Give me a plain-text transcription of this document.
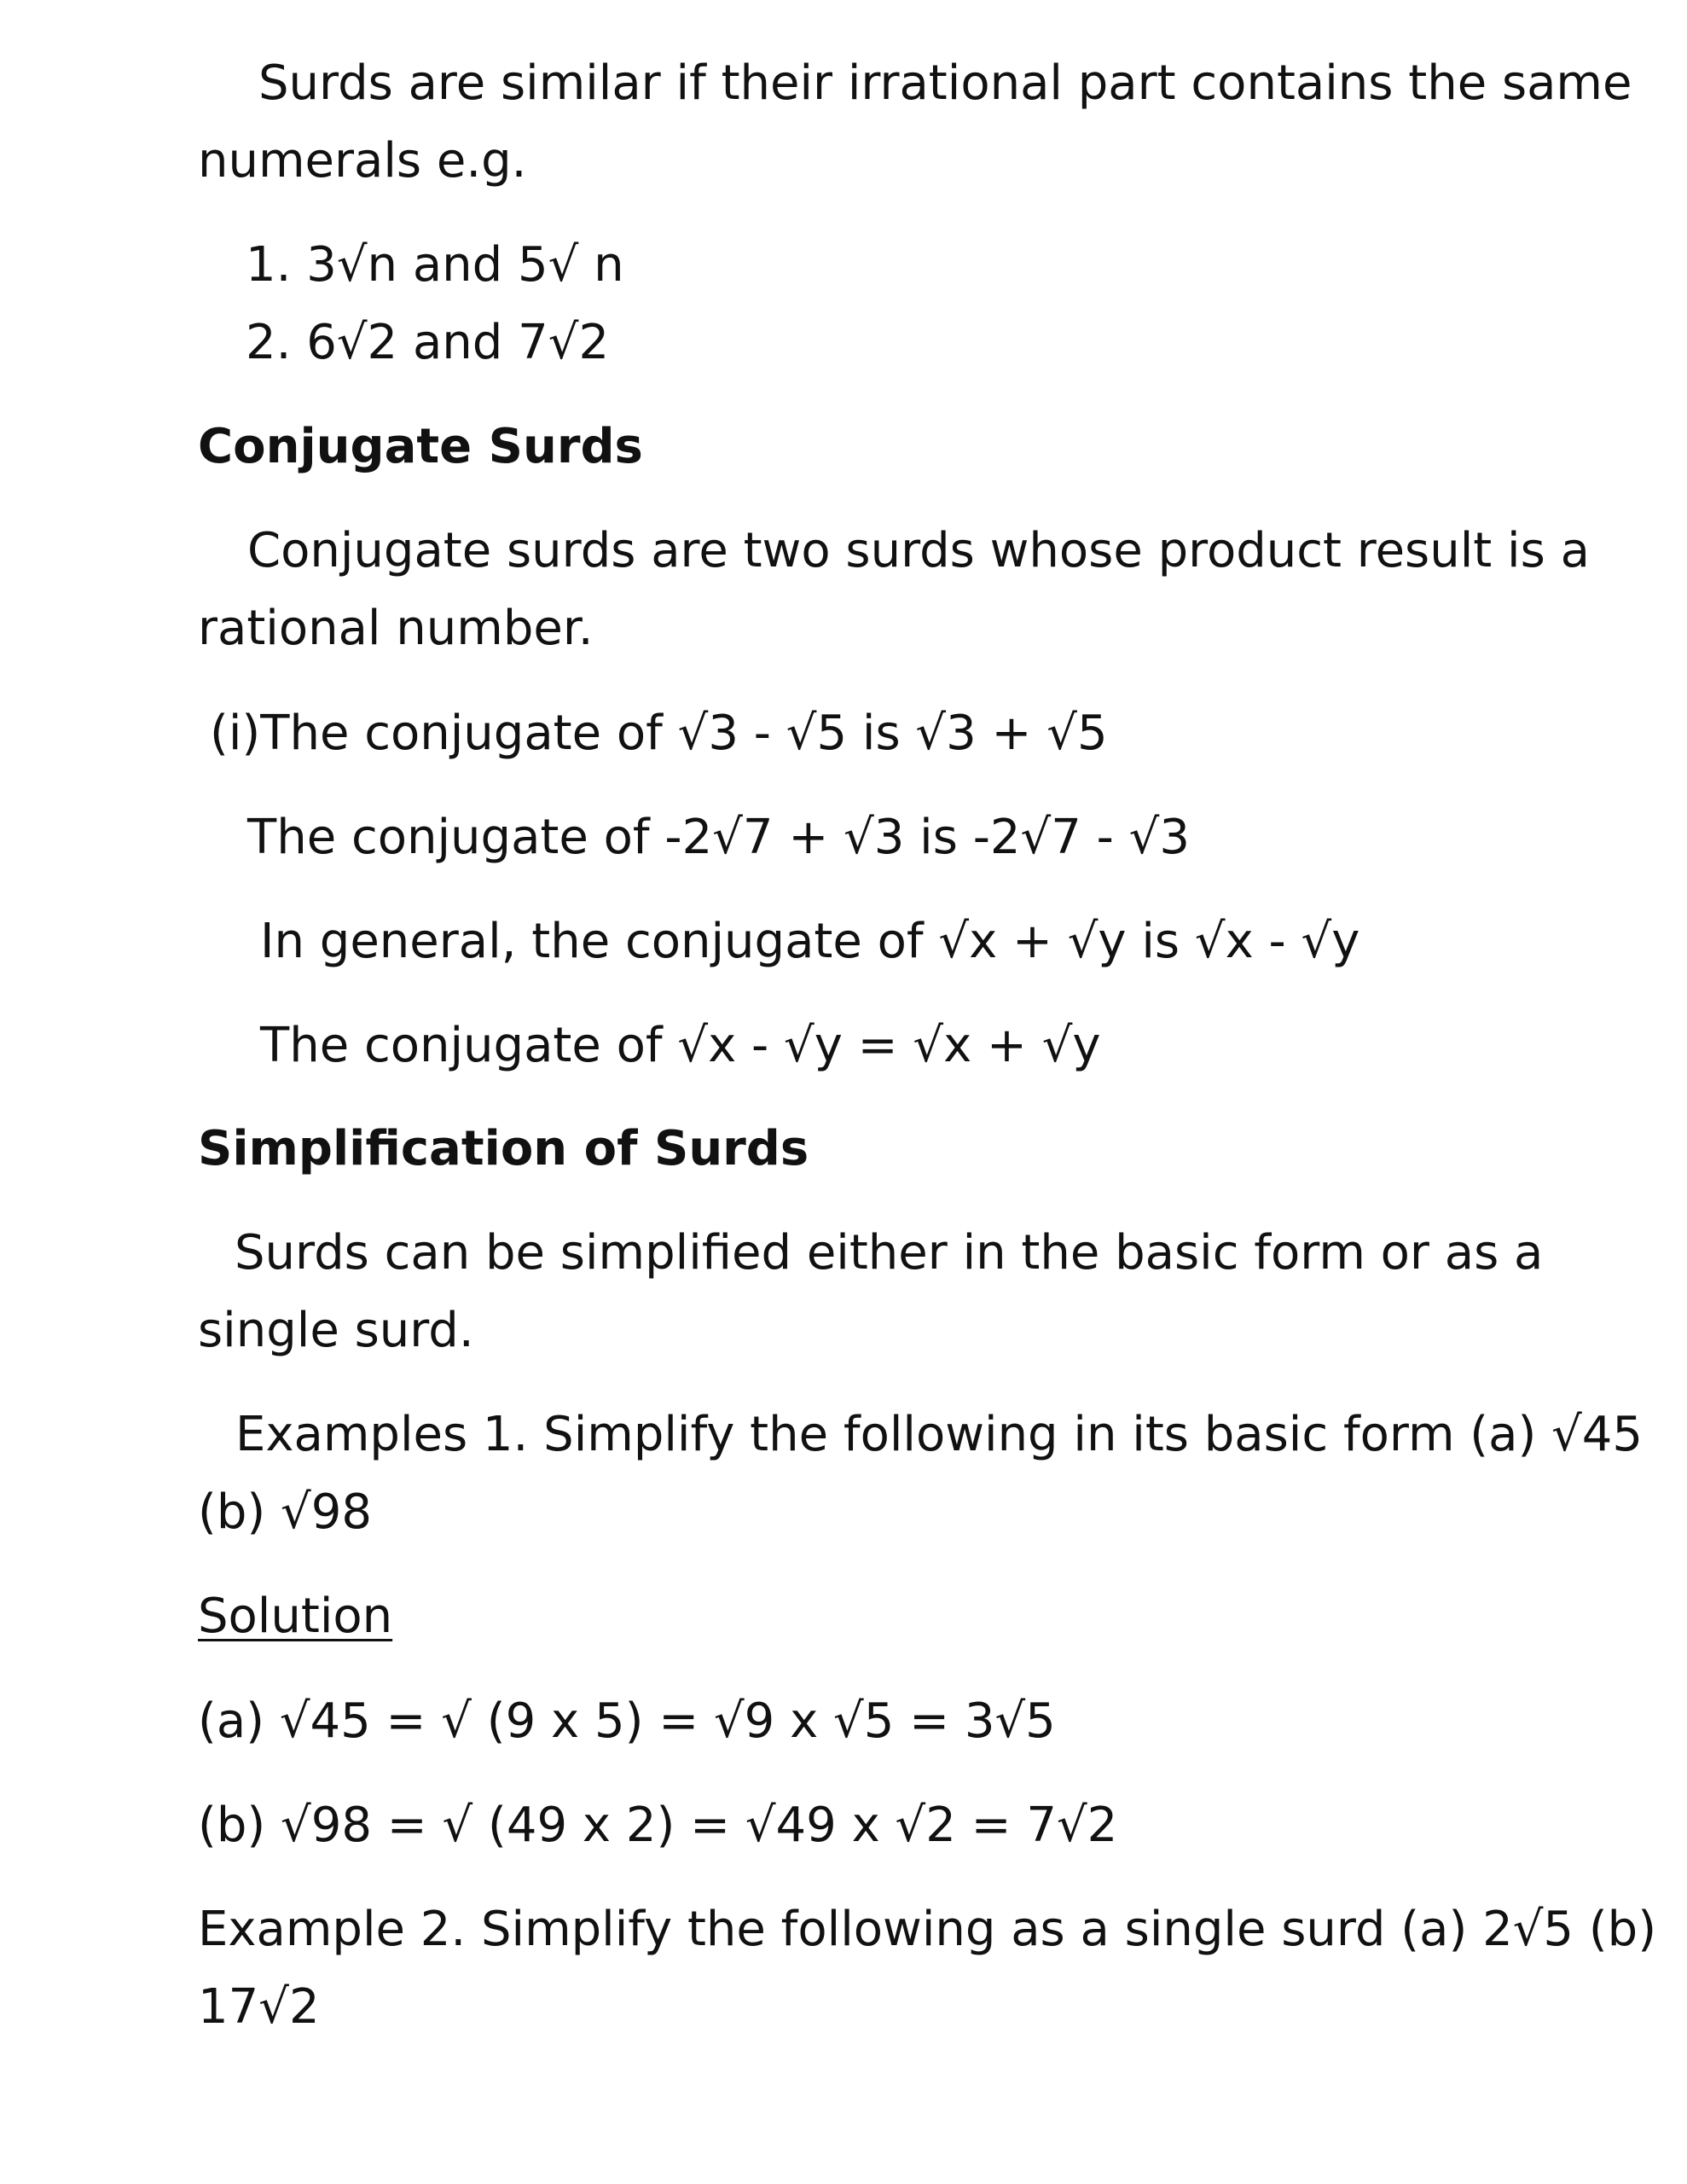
Surds are similar if their irrational part contains the same
numerals e.g.
1. 3√n and 5√ n
2. 6√2 and 7√2
Conjugate Surds
Conjugate surds are two surds whose product result is a
rational number.
(i)The conjugate of √3 - √5 is √3 + √5
The conjugate of -2√7 + √3 is -2√7 - √3
In general, the conjugate of √x + √y is √x - √y
The conjugate of √x - √y = √x + √y
Simplification of Surds
Surds can be simplified either in the basic form or as a
single surd.
Examples 1. Simplify the following in its basic form (a) √45
(b) √98
Solution
(a) √45 = √ (9 x 5) = √9 x √5 = 3√5
(b) √98 = √ (49 x 2) = √49 x √2 = 7√2
Example 2. Simplify the following as a single surd (a) 2√5 (b)
17√2
